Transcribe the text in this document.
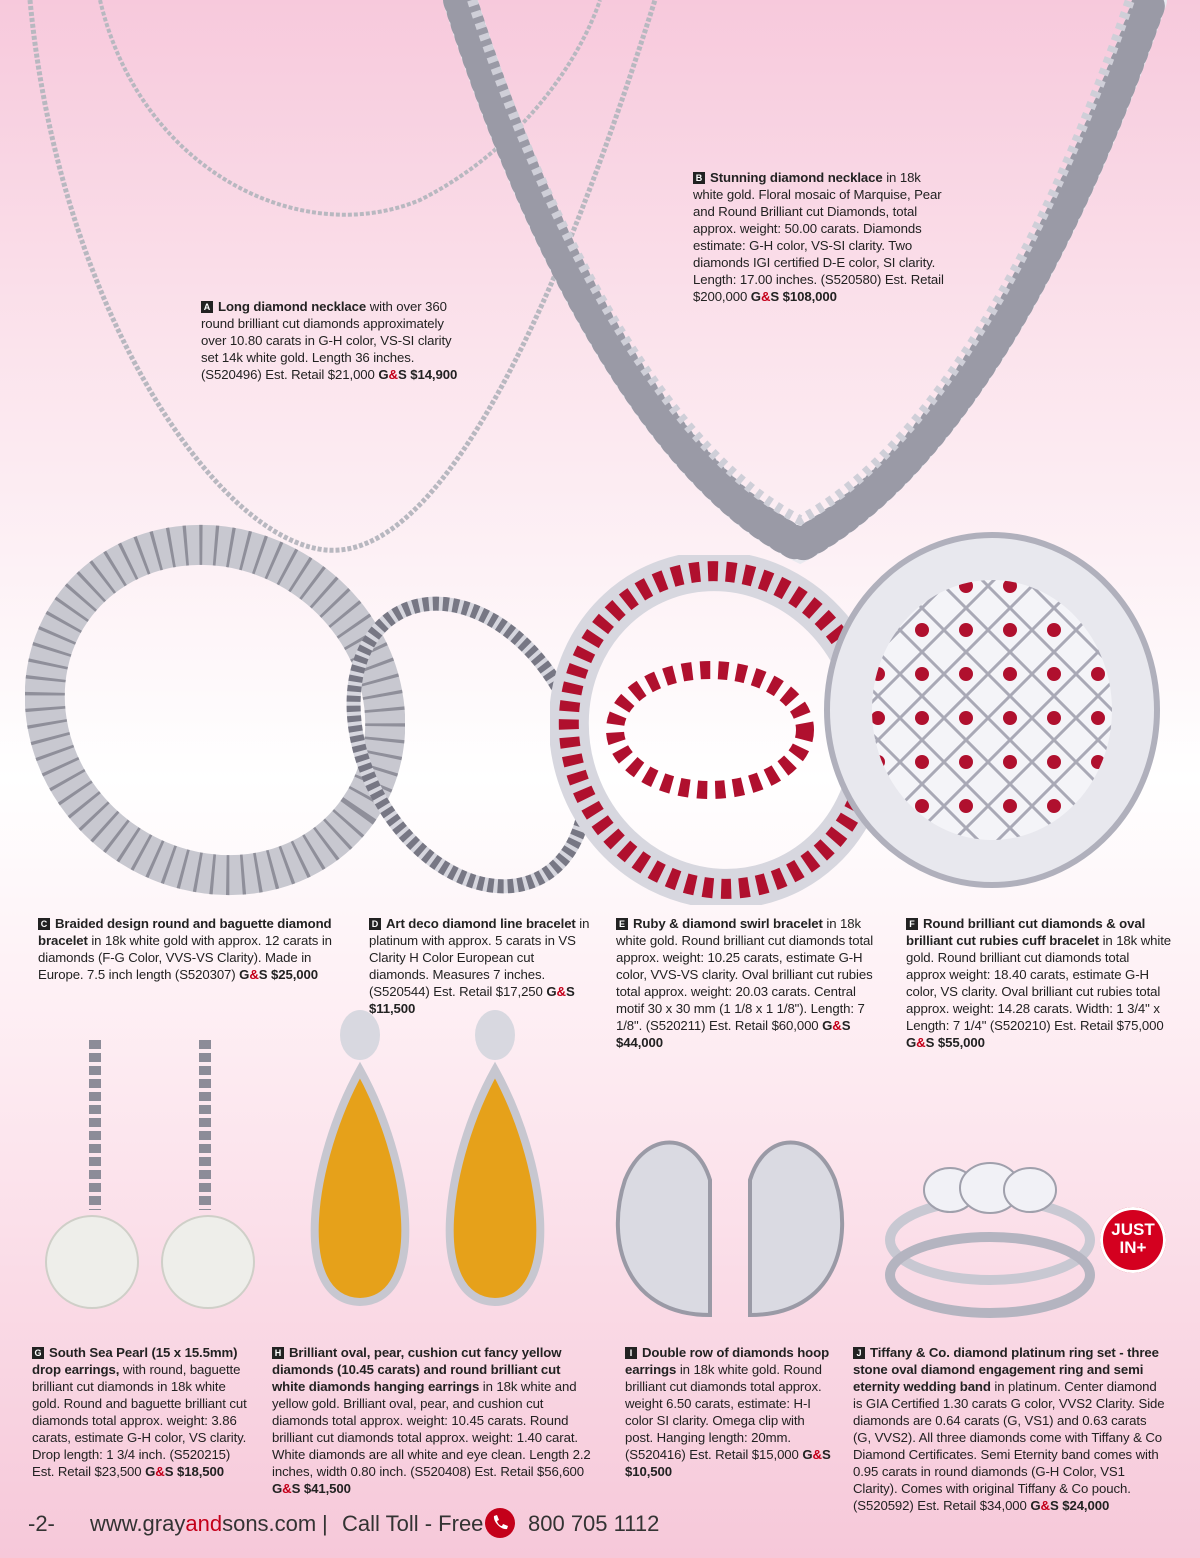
JUST
IN+
A Long diamond necklace with over 360 round brilliant cut diamonds approximately over 10.80 carats in G-H color, VS-SI clarity set 14k white gold. Length 36 inches. (S520496) Est. Retail $21,000 G&S $14,900
B Stunning diamond necklace in 18k white gold. Floral mosaic of Marquise, Pear and Round Brilliant cut Diamonds, total approx. weight: 50.00 carats. Diamonds estimate: G-H color, VS-SI clarity. Two diamonds IGI certified D-E color, SI clarity. Length: 17.00 inches. (S520580) Est. Retail $200,000 G&S $108,000
C Braided design round and baguette diamond bracelet in 18k white gold with approx. 12 carats in diamonds (F-G Color, VVS-VS Clarity). Made in Europe. 7.5 inch length (S520307) G&S $25,000
D Art deco diamond line bracelet in platinum with approx. 5 carats in VS Clarity H Color European cut diamonds. Measures 7 inches. (S520544) Est. Retail $17,250 G&S $11,500
E Ruby & diamond swirl bracelet in 18k white gold. Round brilliant cut diamonds total approx. weight: 10.25 carats, estimate G-H color, VVS-VS clarity. Oval brilliant cut rubies total approx. weight: 20.03 carats. Central motif 30 x 30 mm (1 1/8 x 1 1/8"). Length: 7 1/8". (S520211) Est. Retail $60,000 G&S $44,000
F Round brilliant cut diamonds & oval brilliant cut rubies cuff bracelet in 18k white gold. Round brilliant cut diamonds total approx weight: 18.40 carats, estimate G-H color, VS clarity. Oval brilliant cut rubies total approx. weight: 14.28 carats. Width: 1 3/4" x Length: 7 1/4" (S520210) Est. Retail $75,000 G&S $55,000
G South Sea Pearl (15 x 15.5mm) drop earrings, with round, baguette brilliant cut diamonds in 18k white gold. Round and baguette brilliant cut diamonds total approx. weight: 3.86 carats, estimate G-H color, VS clarity. Drop length: 1 3/4 inch. (S520215) Est. Retail $23,500 G&S $18,500
H Brilliant oval, pear, cushion cut fancy yellow diamonds (10.45 carats) and round brilliant cut white diamonds hanging earrings in 18k white and yellow gold. Brilliant oval, pear, and cushion cut diamonds total approx. weight: 10.45 carats. Round brilliant cut diamonds total approx. weight: 1.40 carat. White diamonds are all white and eye clean. Length 2.2 inches, width 0.80 inch. (S520408) Est. Retail $56,600 G&S $41,500
I Double row of diamonds hoop earrings in 18k white gold. Round brilliant cut diamonds total approx. weight 6.50 carats, estimate: H-I color SI clarity. Omega clip with post. Hanging length: 20mm. (S520416) Est. Retail $15,000 G&S $10,500
J Tiffany & Co. diamond platinum ring set - three stone oval diamond engagement ring and semi eternity wedding band in platinum. Center diamond is GIA Certified 1.30 carats G color, VVS2 Clarity. Side diamonds are 0.64 carats (G, VS1) and 0.63 carats (G, VVS2). All three diamonds come with Tiffany & Co Diamond Certificates. Semi Eternity band comes with 0.95 carats in round diamonds (G-H Color, VS1 Clarity). Comes with original Tiffany & Co pouch. (S520592) Est. Retail $34,000 G&S $24,000
-2- www.grayandsons.com | Call Toll - Free 800 705 1112
